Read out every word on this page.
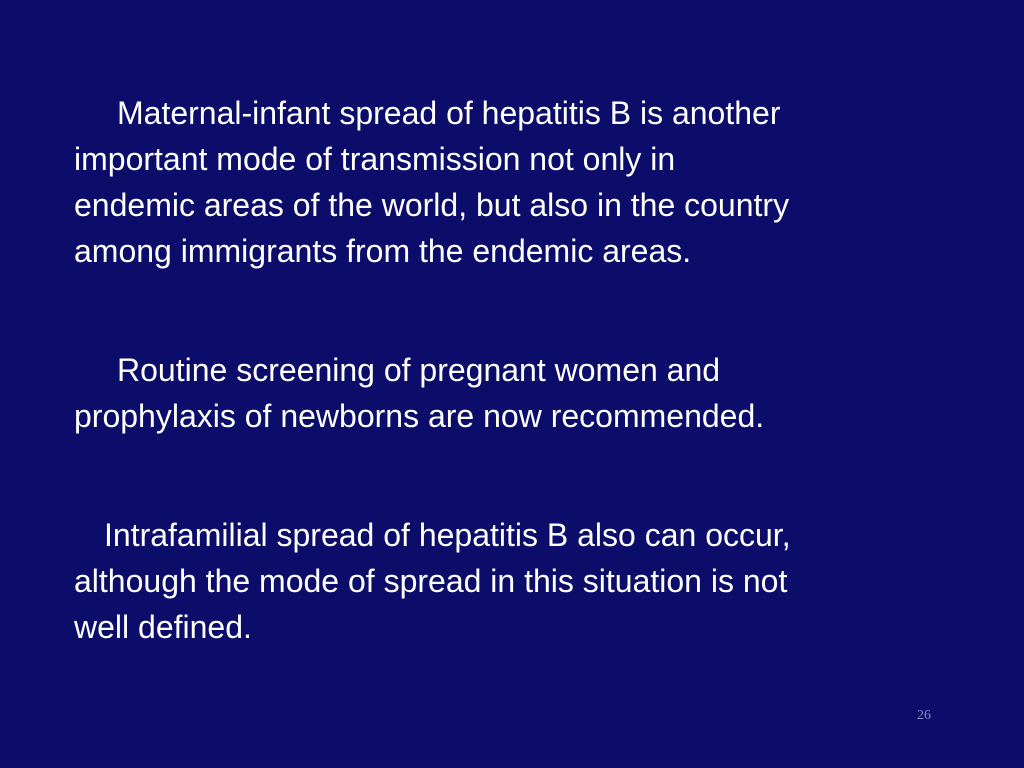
Maternal-infant spread of hepatitis B is another
important mode of transmission not only in
endemic areas of the world, but also in the country
among immigrants from the endemic areas.
Routine screening of pregnant women and
prophylaxis of newborns are now recommended.
Intrafamilial spread of hepatitis B also can occur,
although the mode of spread in this situation is not
well defined.
26
